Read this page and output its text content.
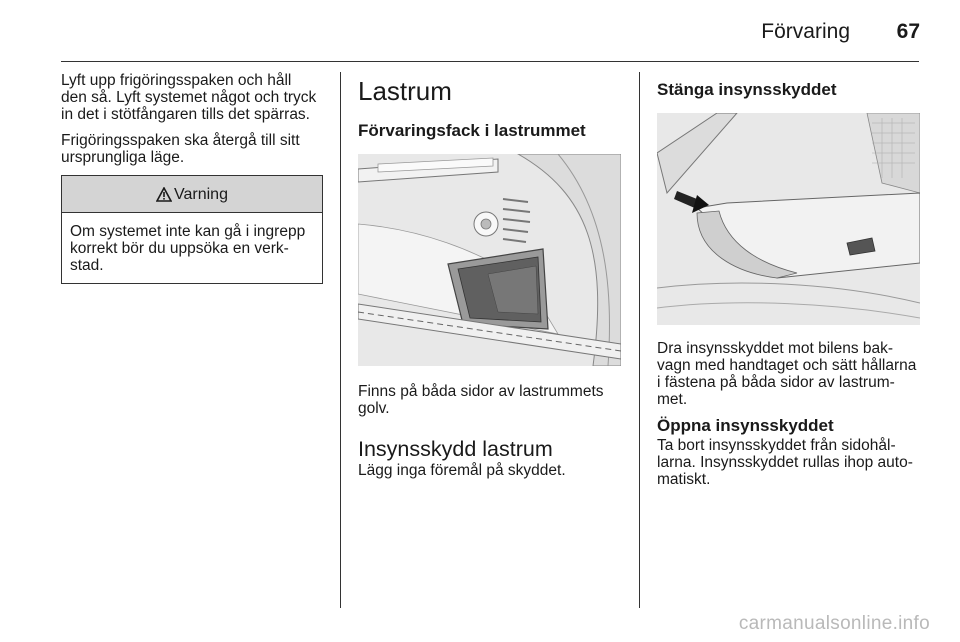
Förvaring	67

Lyft upp frigöringsspaken och håll
den så. Lyft systemet något och tryck
in det i stötfångaren tills det spärras.

Frigöringsspaken ska återgå till sitt
ursprungliga läge.

Varning
Om systemet inte kan gå i ingrepp
korrekt bör du uppsöka en verk-
stad.
Lastrum
Förvaringsfack i lastrummet

Finns på båda sidor av lastrummets
golv.

Insynsskydd lastrum

Lägg inga föremål på skyddet.

Stänga insynsskyddet

Dra insynsskyddet mot bilens bak-
vagn med handtaget och sätt hållarna
i fästena på båda sidor av lastrum-
met.

Öppna insynsskyddet

Ta bort insynsskyddet från sidohål-
larna. Insynsskyddet rullas ihop auto-
matiskt.

carmanualsonline.info
